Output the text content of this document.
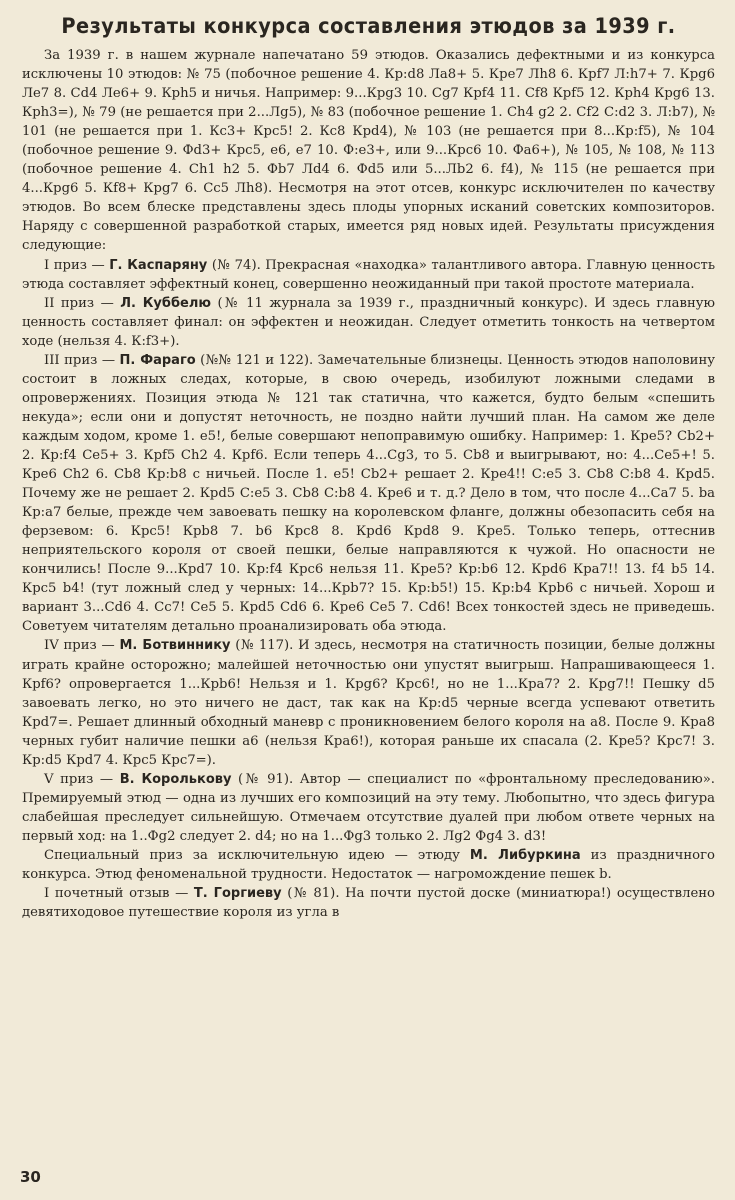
Результаты конкурса составления этюдов за 1939 г.

За 1939 г. в нашем журнале напечатано 59 этюдов. Оказались дефектными и из конкурса исключены 10 этюдов: № 75 (побочное решение 4. Кр:d8 Ла8+ 5. Кре7 Лh8 6. Крf7 Л:h7+ 7. Крg6 Ле7 8. Cd4 Ле6+ 9. Крh5 и ничья. Например: 9...Крg3 10. Cg7 Крf4 11. Cf8 Крf5 12. Крh4 Крg6 13. Крh3=), № 79 (не решается при 2...Лg5), № 83 (побочное решение 1. Ch4 g2 2. Cf2 С:d2 3. Л:b7), № 101 (не решается при 1. Кc3+ Крс5! 2. Кс8 Крd4), № 103 (не решается при 8...Кр:f5), № 104 (побочное решение 9. Фd3+ Крс5, е6, е7 10. Ф:е3+, или 9...Крс6 10. Фа6+), № 105, № 108, № 113 (побочное решение 4. Ch1 h2 5. Фb7 Лd4 6. Фd5 или 5...Лb2 6. f4), № 115 (не решается при 4...Крg6 5. Кf8+ Крg7 6. Сс5 Лh8). Несмотря на этот отсев, конкурс исключителен по качеству этюдов. Во всем блеске представлены здесь плоды упорных исканий советских композиторов. Наряду с совершенной разработкой старых, имеется ряд новых идей. Результаты присуждения следующие:

I приз — Г. Каспаряну (№ 74). Прекрасная «находка» талантливого автора. Главную ценность этюда составляет эффектный конец, совершенно неожиданный при такой простоте материала.

II приз — Л. Куббелю (№ 11 журнала за 1939 г., праздничный конкурс). И здесь главную ценность составляет финал: он эффектен и неожидан. Следует отметить тонкость на четвертом ходе (нельзя 4. К:f3+).

III приз — П. Фараго (№№ 121 и 122). Замечательные близнецы. Ценность этюдов наполовину состоит в ложных следах, которые, в свою очередь, изобилуют ложными следами в опровержениях. Позиция этюда № 121 так статична, что кажется, будто белым «спешить некуда»; если они и допустят неточность, не поздно найти лучший план. На самом же деле каждым ходом, кроме 1. е5!, белые совершают непоправимую ошибку. Например: 1. Кре5? Cb2+ 2. Кр:f4 Се5+ 3. Крf5 Ch2 4. Крf6. Если теперь 4...Cg3, то 5. Cb8 и выигрывают, но: 4...Се5+! 5. Кре6 Ch2 6. Cb8 Кр:b8 с ничьей. После 1. е5! Cb2+ решает 2. Кре4!! С:е5 3. Cb8 С:b8 4. Крd5. Почему же не решает 2. Крd5 С:е5 3. Cb8 С:b8 4. Кре6 и т. д.? Дело в том, что после 4...Са7 5. bа Кр:а7 белые, прежде чем завоевать пешку на королевском фланге, должны обезопасить себя на ферзевом: 6. Крс5! Крb8 7. b6 Крс8 8. Крd6 Крd8 9. Кре5. Только теперь, оттеснив неприятельского короля от своей пешки, белые направляются к чужой. Но опасности не кончились! После 9...Крd7 10. Кр:f4 Крс6 нельзя 11. Кре5? Кр:b6 12. Крd6 Кра7!! 13. f4 b5 14. Крс5 b4! (тут ложный след у черных: 14...Крb7? 15. Кр:b5!) 15. Кр:b4 Крb6 с ничьей. Хорош и вариант 3...Cd6 4. Cc7! Се5 5. Крd5 Cd6 6. Кре6 Се5 7. Cd6! Всех тонкостей здесь не приведешь. Советуем читателям детально проанализировать оба этюда.

IV приз — М. Ботвиннику (№ 117). И здесь, несмотря на статичность позиции, белые должны играть крайне осторожно; малейшей неточностью они упустят выигрыш. Напрашивающееся 1. Крf6? опровергается 1...Крb6! Нельзя и 1. Крg6? Крс6!, но не 1...Кра7? 2. Крg7!! Пешку d5 завоевать легко, но это ничего не даст, так как на Кр:d5 черные всегда успевают ответить Крd7=. Решает длинный обходный маневр с проникновением белого короля на а8. После 9. Кра8 черных губит наличие пешки а6 (нельзя Кра6!), которая раньше их спасала (2. Кре5? Крс7! 3. Кр:d5 Крd7 4. Крс5 Крс7=).

V приз — В. Королькову (№ 91). Автор — специалист по «фронтальному преследованию». Премируемый этюд — одна из лучших его композиций на эту тему. Любопытно, что здесь фигура слабейшая преследует сильнейшую. Отмечаем отсутствие дуалей при любом ответе черных на первый ход: на 1..Фg2 следует 2. d4; но на 1...Фg3 только 2. Лg2 Фg4 3. d3!

Специальный приз за исключительную идею — этюду М. Либуркина из праздничного конкурса. Этюд феноменальной трудности. Недостаток — нагромождение пешек b.

I почетный отзыв — Т. Горгиеву (№ 81). На почти пустой доске (миниатюра!) осуществлено девятиходовое путешествие короля из угла в

30
